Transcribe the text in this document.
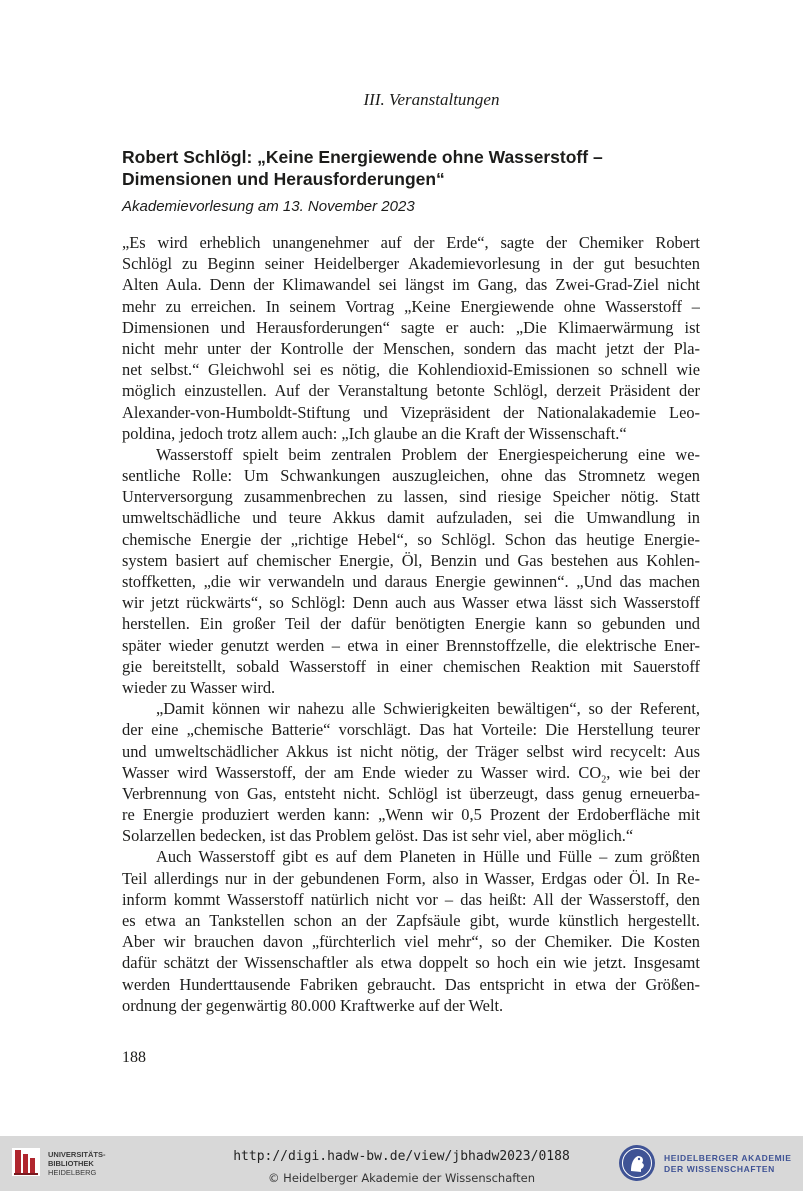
III. Veranstaltungen
Robert Schlögl: „Keine Energiewende ohne Wasserstoff –
Dimensionen und Herausforderungen“
Akademievorlesung am 13. November 2023
„Es wird erheblich unangenehmer auf der Erde“, sagte der Chemiker Robert
Schlögl zu Beginn seiner Heidelberger Akademievorlesung in der gut besuchten
Alten Aula. Denn der Klimawandel sei längst im Gang, das Zwei-Grad-Ziel nicht
mehr zu erreichen. In seinem Vortrag „Keine Energiewende ohne Wasserstoff –
Dimensionen und Herausforderungen“ sagte er auch: „Die Klimaerwärmung ist
nicht mehr unter der Kontrolle der Menschen, sondern das macht jetzt der Pla-
net selbst.“ Gleichwohl sei es nötig, die Kohlendioxid-Emissionen so schnell wie
möglich einzustellen. Auf der Veranstaltung betonte Schlögl, derzeit Präsident der
Alexander-von-Humboldt-Stiftung und Vizepräsident der Nationalakademie Leo-
poldina, jedoch trotz allem auch: „Ich glaube an die Kraft der Wissenschaft.“
Wasserstoff spielt beim zentralen Problem der Energiespeicherung eine we-
sentliche Rolle: Um Schwankungen auszugleichen, ohne das Stromnetz wegen
Unterversorgung zusammenbrechen zu lassen, sind riesige Speicher nötig. Statt
umweltschädliche und teure Akkus damit aufzuladen, sei die Umwandlung in
chemische Energie der „richtige Hebel“, so Schlögl. Schon das heutige Energie-
system basiert auf chemischer Energie, Öl, Benzin und Gas bestehen aus Kohlen-
stoffketten, „die wir verwandeln und daraus Energie gewinnen“. „Und das machen
wir jetzt rückwärts“, so Schlögl: Denn auch aus Wasser etwa lässt sich Wasserstoff
herstellen. Ein großer Teil der dafür benötigten Energie kann so gebunden und
später wieder genutzt werden – etwa in einer Brennstoffzelle, die elektrische Ener-
gie bereitstellt, sobald Wasserstoff in einer chemischen Reaktion mit Sauerstoff
wieder zu Wasser wird.
„Damit können wir nahezu alle Schwierigkeiten bewältigen“, so der Referent,
der eine „chemische Batterie“ vorschlägt. Das hat Vorteile: Die Herstellung teurer
und umweltschädlicher Akkus ist nicht nötig, der Träger selbst wird recycelt: Aus
Wasser wird Wasserstoff, der am Ende wieder zu Wasser wird. $CO_2$, wie bei der
Verbrennung von Gas, entsteht nicht. Schlögl ist überzeugt, dass genug erneuerba-
re Energie produziert werden kann: „Wenn wir 0,5 Prozent der Erdoberfläche mit
Solarzellen bedecken, ist das Problem gelöst. Das ist sehr viel, aber möglich.“
Auch Wasserstoff gibt es auf dem Planeten in Hülle und Fülle – zum größten
Teil allerdings nur in der gebundenen Form, also in Wasser, Erdgas oder Öl. In Re-
inform kommt Wasserstoff natürlich nicht vor – das heißt: All der Wasserstoff, den
es etwa an Tankstellen schon an der Zapfsäule gibt, wurde künstlich hergestellt.
Aber wir brauchen davon „fürchterlich viel mehr“, so der Chemiker. Die Kosten
dafür schätzt der Wissenschaftler als etwa doppelt so hoch ein wie jetzt. Insgesamt
werden Hunderttausende Fabriken gebraucht. Das entspricht in etwa der Größen-
ordnung der gegenwärtig 80.000 Kraftwerke auf der Welt.
188
UNIVERSITÄTS-
BIBLIOTHEK
HEIDELBERG
http://digi.hadw-bw.de/view/jbhadw2023/0188
© Heidelberger Akademie der Wissenschaften
HEIDELBERGER AKADEMIE
DER WISSENSCHAFTEN
